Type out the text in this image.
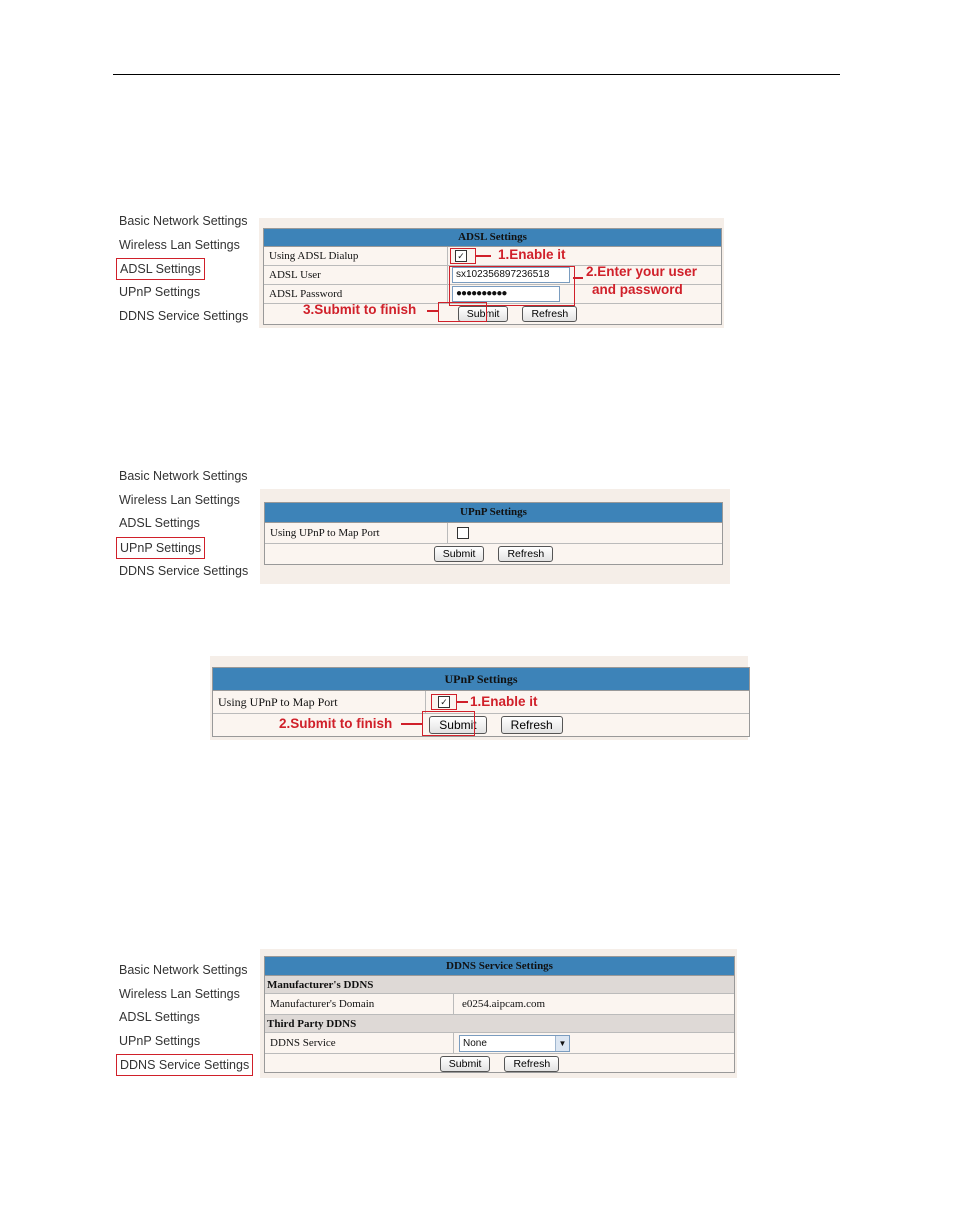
Basic Network Settings
Wireless Lan Settings
ADSL Settings
UPnP Settings
DDNS Service Settings
ADSL Settings
Using ADSL Dialup	✓
ADSL User	sx102356897236518
ADSL Password	●●●●●●●●●●
Submit	Refresh
1.Enable it
2.Enter your user
and password
3.Submit to finish
Basic Network Settings
Wireless Lan Settings
ADSL Settings
UPnP Settings
DDNS Service Settings
UPnP Settings
Using UPnP to Map Port
Submit	Refresh
UPnP Settings
Using UPnP to Map Port	✓
Submit	Refresh
1.Enable it
2.Submit to finish
Basic Network Settings
Wireless Lan Settings
ADSL Settings
UPnP Settings
DDNS Service Settings
DDNS Service Settings
Manufacturer's DDNS
Manufacturer's Domain	e0254.aipcam.com
Third Party DDNS
DDNS Service	None	▼
Submit	Refresh
